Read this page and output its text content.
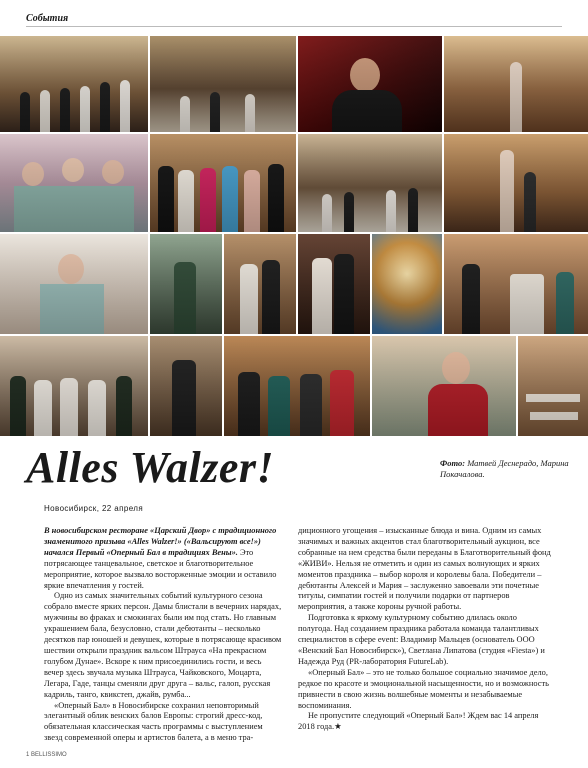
События
Alles Walzer!	Фото: Матвей Деснерадо, Марина Покачалова.
Новосибирск, 22 апреля

В новосибирском ресторане «Царский Двор» с традиционного знаменитого призыва «Alles Walzer!» («Вальсируют все!») начался Первый «Оперный Бал в традициях Вены». Это потрясающее танцевальное, светское и благотворительное мероприятие, которое вызвало восторженные эмоции и оставило яркие впечатления у гостей.

Одно из самых значительных событий культурного сезона собрало вместе ярких персон. Дамы блистали в вечерних нарядах, мужчины во фраках и смокингах были им под стать. Но главным украшением бала, безусловно, стали дебютанты – несколько десятков пар юношей и девушек, которые в потрясающе красивом шествии открыли праздник вальсом Штрауса «На прекрасном голубом Дунае». Вскоре к ним присоединились гости, и весь вечер здесь звучала музыка Штрауса, Чайковского, Моцарта, Легара, Гаде, танцы сменяли друг друга – вальс, галоп, русская кадриль, танго, квикстеп, джайв, румба...

«Оперный Бал» в Новосибирске сохранил неповторимый элегантный облик венских балов Европы: строгий дресс-код, обязательная классическая часть программы с выступлением звезд современной оперы и артистов балета, а в меню тра-

диционного угощения – изысканные блюда и вина. Одним из самых значимых и важных акцентов стал благотворительный аукцион, все собранные на нем средства были переданы в Благотворительный фонд «ЖИВИ». Нельзя не отметить и один из самых волнующих и ярких моментов праздника – выбор короля и королевы бала. Победители – дебютанты Алексей и Мария – заслуженно завоевали эти почетные титулы, симпатии гостей и получили подарки от партнеров мероприятия, а также короны ручной работы.

Подготовка к яркому культурному событию длилась около полугода. Над созданием праздника работала команда талантливых специалистов в сфере event: Владимир Мальцев (основатель ООО «Венский Бал Новосибирск»), Светлана Липатова (студия «Fiesta») и Надежда Руд (PR-лаборатория FutureLab).

«Оперный Бал» – это не только большое социально значимое дело, редкое по красоте и эмоциональной насыщенности, но и возможность привнести в свою жизнь волшебные моменты и незабываемые воспоминания.

Не пропустите следующий «Оперный Бал»! Ждем вас 14 апреля 2018 года.★

1 BELLISSIMO
